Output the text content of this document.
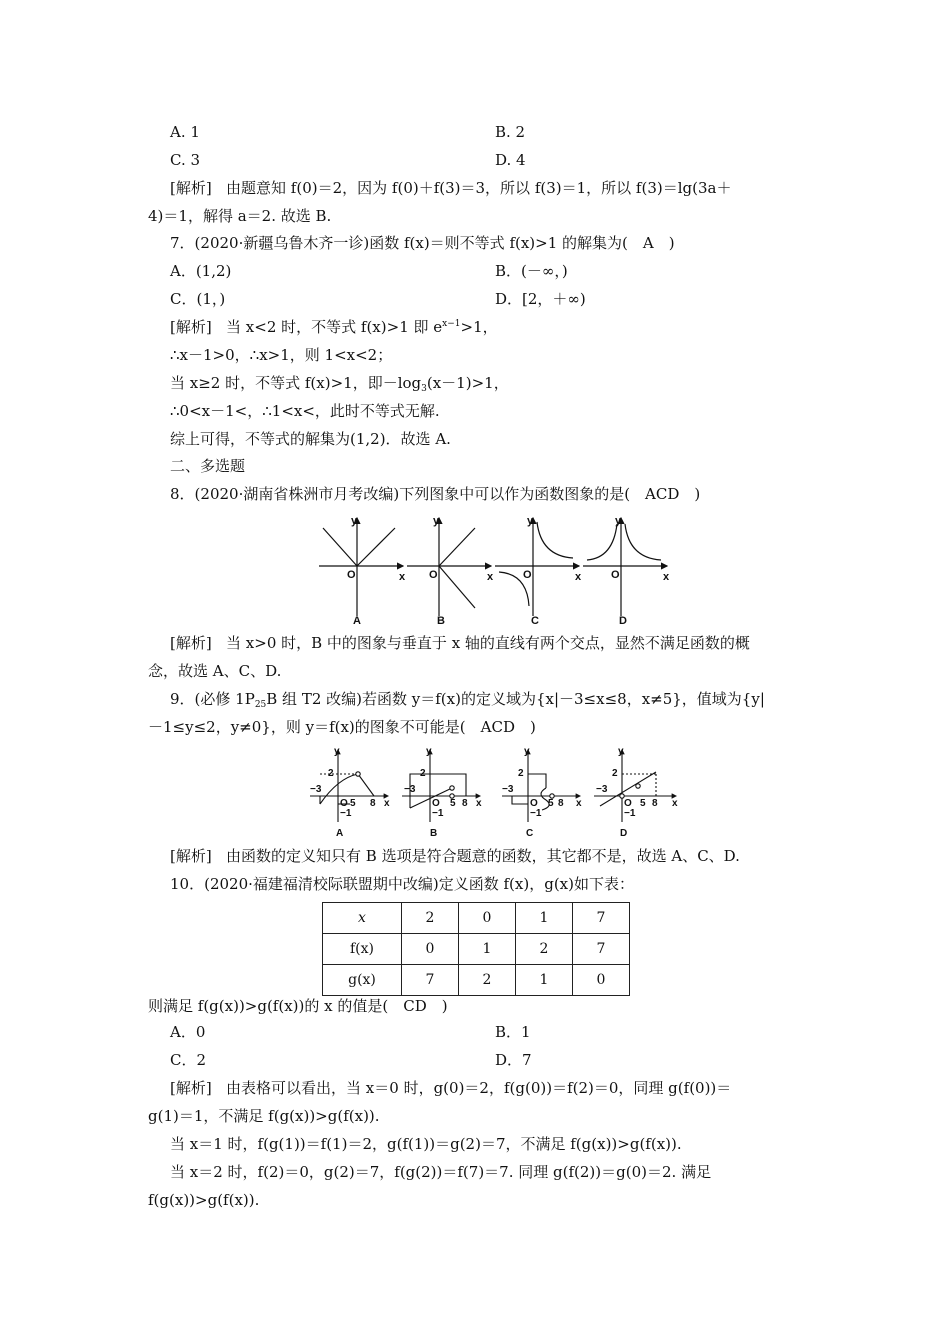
A. 1	B. 2
C. 3	D. 4
[解析] 由题意知 f(0)＝2，因为 f(0)＋f(3)＝3，所以 f(3)＝1，所以 f(3)＝lg(3a＋
4)＝1，解得 a＝2. 故选 B.
7．(2020·新疆乌鲁木齐一诊)函数 f(x)＝则不等式 f(x)>1 的解集为(　A　)
A．(1,2)	B．(－∞，)
C．(1，)	D．[2，＋∞)
[解析] 当 x<2 时，不等式 f(x)>1 即 $e^{x-1}>1$，
∴x－1>0，∴x>1，则 1<x<2；
当 x≥2 时，不等式 f(x)>1，即$-\log_3(x-1)>1$，
∴0<x－1<，∴1<x<，此时不等式无解.
综上可得，不等式的解集为(1,2)．故选 A.
二、多选题
8．(2020·湖南省株洲市月考改编)下列图象中可以作为函数图象的是(　ACD　)
y
x
O
y
x
O
y
x
O
y
x
O
A	B	C	D
[解析] 当 x>0 时，B 中的图象与垂直于 x 轴的直线有两个交点，显然不满足函数的概
念，故选 A、C、D.
9．(必修 $1P_{25}B$ 组 T2 改编)若函数 y＝f(x)的定义域为{x|－3≤x≤8，x≠5}，值域为{y|
－1≤y≤2，y≠0}，则 y＝f(x)的图象不可能是(　ACD　)
y
x
2
−3
O 5 8
−1
A
y
x
2
−3
O 5 8
−1
B
y
x
2
−3
O 5 8
−1
C
y
x
2
−3
O 5 8
−1
D
[解析] 由函数的定义知只有 B 选项是符合题意的函数，其它都不是，故选 A、C、D.
10．(2020·福建福清校际联盟期中改编)定义函数 f(x)，g(x)如下表：
x	2	0	1	7
f(x)	0	1	2	7
g(x)	7	2	1	0
则满足 f(g(x))>g(f(x))的 x 的值是(　CD　)
A．0	B．1
C．2	D．7
[解析] 由表格可以看出，当 x＝0 时，g(0)＝2，f(g(0))＝f(2)＝0，同理 g(f(0))＝
g(1)＝1，不满足 f(g(x))>g(f(x)).
当 x＝1 时，f(g(1))＝f(1)＝2，g(f(1))＝g(2)＝7，不满足 f(g(x))>g(f(x)).
当 x＝2 时，f(2)＝0，g(2)＝7，f(g(2))＝f(7)＝7. 同理 g(f(2))＝g(0)＝2. 满足
f(g(x))>g(f(x)).
